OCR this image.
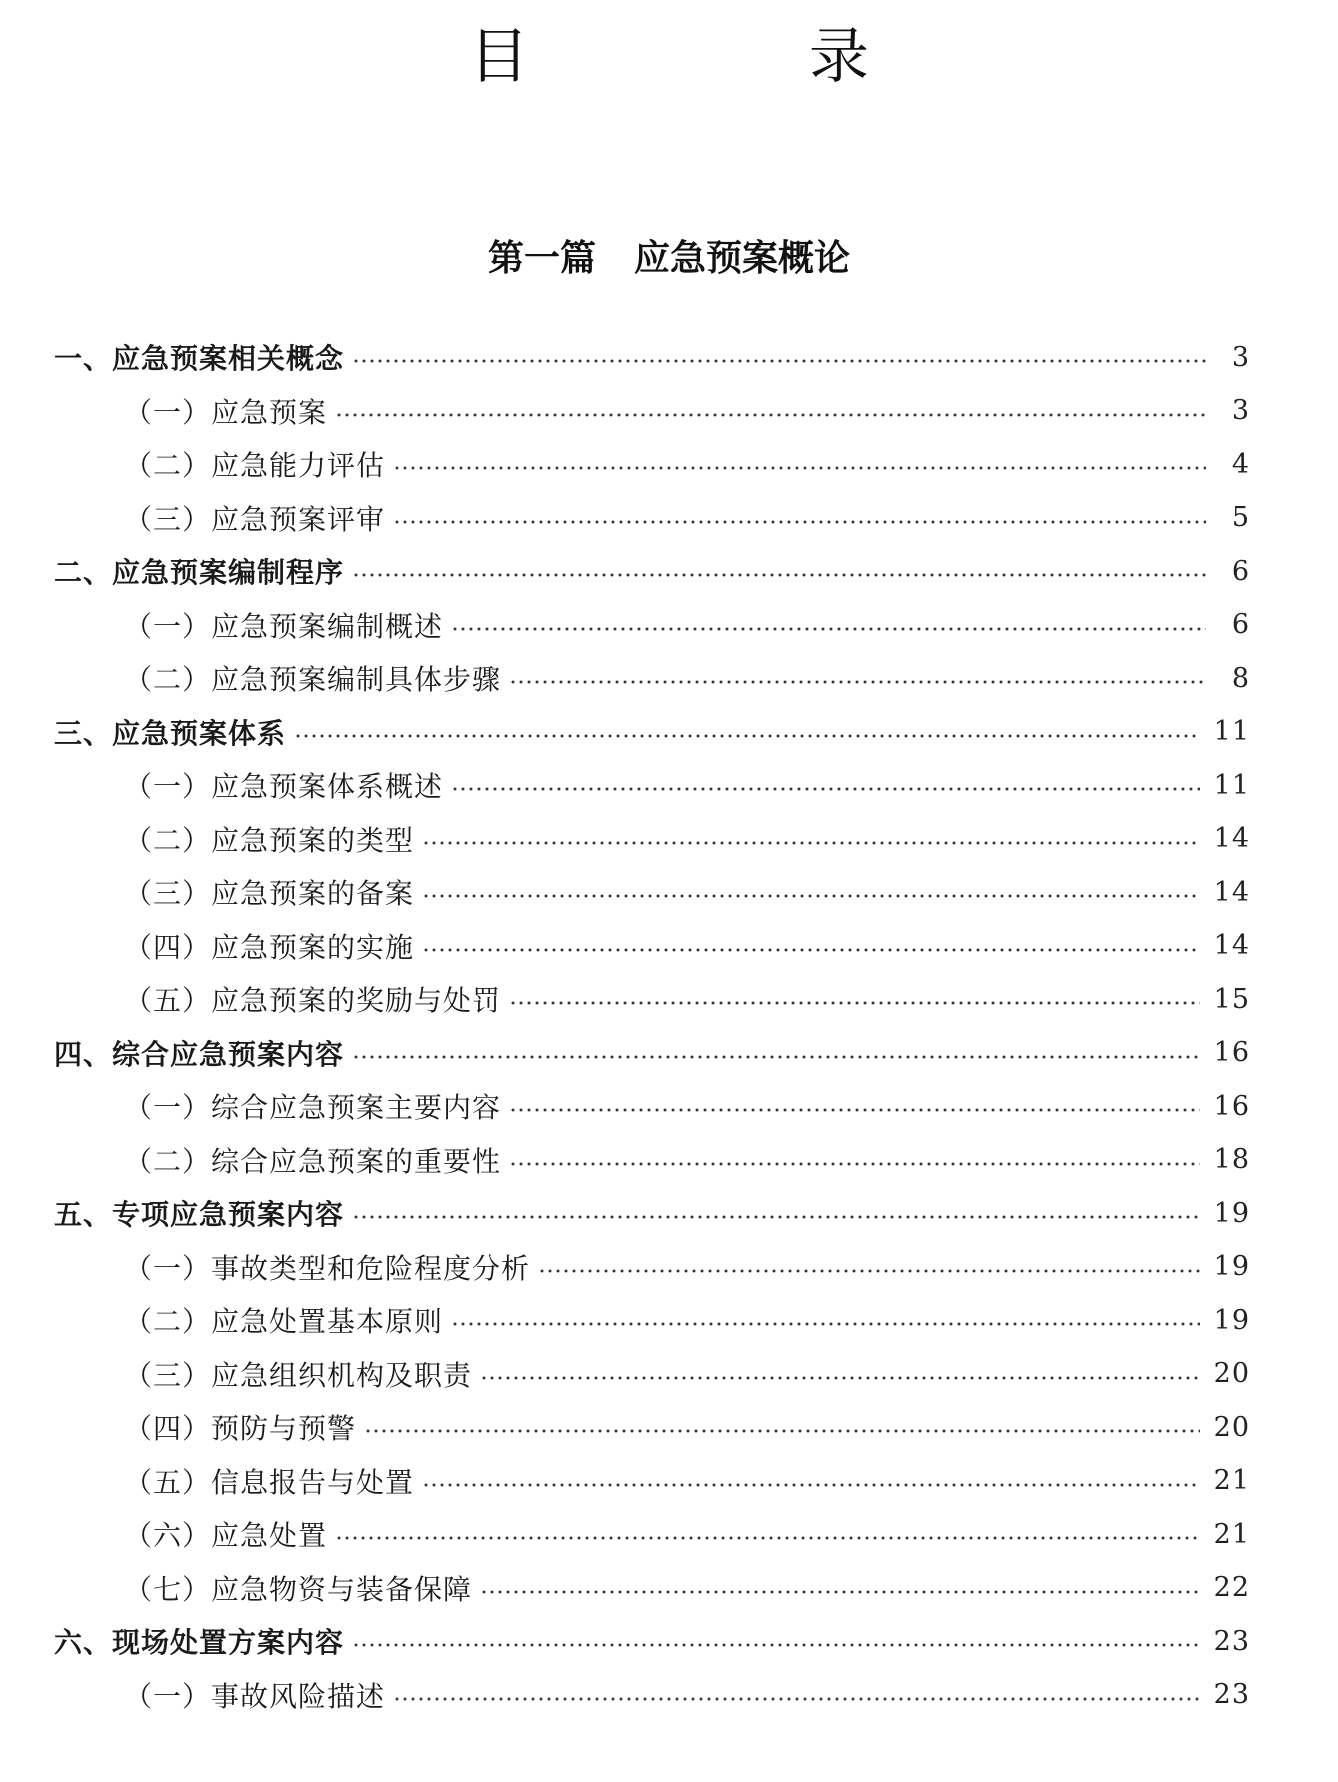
目　录
第一篇 应急预案概论
一、应急预案相关概念	3
（一）应急预案	3
（二）应急能力评估	4
（三）应急预案评审	5
二、应急预案编制程序	6
（一）应急预案编制概述	6
（二）应急预案编制具体步骤	8
三、应急预案体系	11
（一）应急预案体系概述	11
（二）应急预案的类型	14
（三）应急预案的备案	14
（四）应急预案的实施	14
（五）应急预案的奖励与处罚	15
四、综合应急预案内容	16
（一）综合应急预案主要内容	16
（二）综合应急预案的重要性	18
五、专项应急预案内容	19
（一）事故类型和危险程度分析	19
（二）应急处置基本原则	19
（三）应急组织机构及职责	20
（四）预防与预警	20
（五）信息报告与处置	21
（六）应急处置	21
（七）应急物资与装备保障	22
六、现场处置方案内容	23
（一）事故风险描述	23
